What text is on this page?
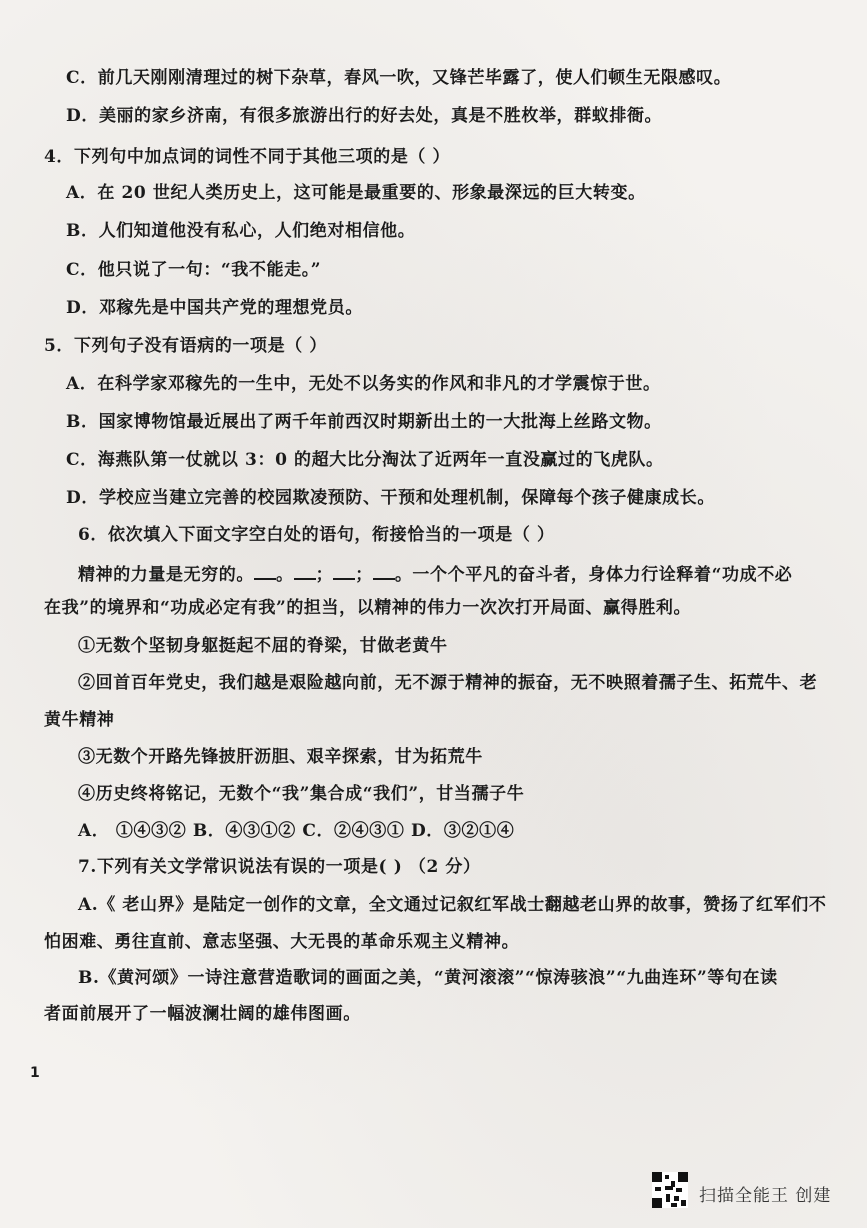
C．前几天刚刚清理过的树下杂草，春风一吹，又锋芒毕露了，使人们顿生无限感叹。
D．美丽的家乡济南，有很多旅游出行的好去处，真是不胜枚举，群蚁排衙。
4．下列句中加点词的词性不同于其他三项的是（ ）
A．在 20 世纪人类历史上，这可能是最重要的、形象最深远的巨大转变。
B．人们知道他没有私心，人们绝对相信他。
C．他只说了一句：“我不能走。”
D．邓稼先是中国共产党的理想党员。
5．下列句子没有语病的一项是（ ）
A．在科学家邓稼先的一生中，无处不以务实的作风和非凡的才学震惊于世。
B．国家博物馆最近展出了两千年前西汉时期新出土的一大批海上丝路文物。
C．海燕队第一仗就以 3：0 的超大比分淘汰了近两年一直没赢过的飞虎队。
D．学校应当建立完善的校园欺凌预防、干预和处理机制，保障每个孩子健康成长。
6．依次填入下面文字空白处的语句，衔接恰当的一项是（ ）
精神的力量是无穷的。 。 ； ； 。一个个平凡的奋斗者，身体力行诠释着“功成不必
在我”的境界和“功成必定有我”的担当，以精神的伟力一次次打开局面、赢得胜利。
①无数个坚韧身躯挺起不屈的脊梁，甘做老黄牛
②回首百年党史，我们越是艰险越向前，无不源于精神的振奋，无不映照着孺子生、拓荒牛、老
黄牛精神
③无数个开路先锋披肝沥胆、艰辛探索，甘为拓荒牛
④历史终将铭记，无数个“我”集合成“我们”，甘当孺子牛
A． ①④③② B．④③①② C．②④③① D．③②①④
7.下列有关文学常识说法有误的一项是( ) （2 分）
A.《 老山界》是陆定一创作的文章，全文通过记叙红军战士翻越老山界的故事，赞扬了红军们不
怕困难、勇往直前、意志坚强、大无畏的革命乐观主义精神。
B.《黄河颂》一诗注意营造歌词的画面之美，“黄河滚滚”“惊涛骇浪”“九曲连环”等句在读
者面前展开了一幅波澜壮阔的雄伟图画。
1
扫描全能王 创建
